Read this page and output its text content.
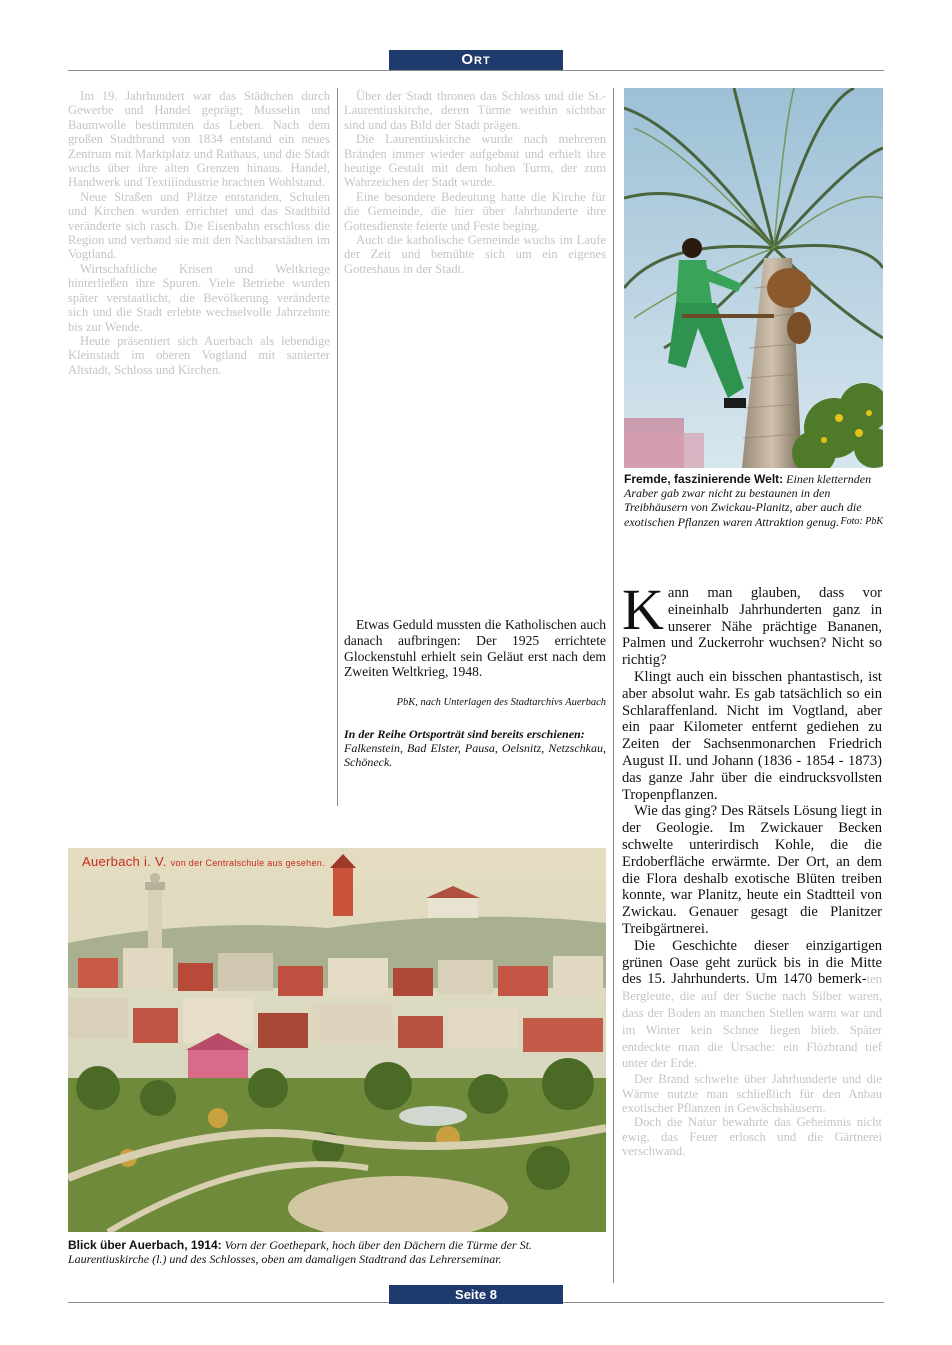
Ort

Im 19. Jahrhundert war das Städtchen durch Gewerbe und Handel geprägt; Musselin und Baumwolle bestimmten das Leben. Nach dem großen Stadtbrand von 1834 entstand ein neues Zentrum mit Marktplatz und Rathaus, und die Stadt wuchs über ihre alten Grenzen hinaus. Handel, Handwerk und Textilindustrie brachten Wohlstand.

Neue Straßen und Plätze entstanden, Schulen und Kirchen wurden errichtet und das Stadtbild veränderte sich rasch. Die Eisenbahn erschloss die Region und verband sie mit den Nachbarstädten im Vogtland.

Wirtschaftliche Krisen und Weltkriege hinterließen ihre Spuren. Viele Betriebe wurden später verstaatlicht, die Bevölkerung veränderte sich und die Stadt erlebte wechselvolle Jahrzehnte bis zur Wende.

Heute präsentiert sich Auerbach als lebendige Kleinstadt im oberen Vogtland mit sanierter Altstadt, Schloss und Kirchen.

Über der Stadt thronen das Schloss und die St.-Laurentiuskirche, deren Türme weithin sichtbar sind und das Bild der Stadt prägen.

Die Laurentiuskirche wurde nach mehreren Bränden immer wieder aufgebaut und erhielt ihre heutige Gestalt mit dem hohen Turm, der zum Wahrzeichen der Stadt wurde.

Eine besondere Bedeutung hatte die Kirche für die Gemeinde, die hier über Jahrhunderte ihre Gottesdienste feierte und Feste beging.

Auch die katholische Gemeinde wuchs im Laufe der Zeit und bemühte sich um ein eigenes Gotteshaus in der Stadt.

Etwas Geduld mussten die Katholischen auch danach aufbringen: Der 1925 errichtete Glockenstuhl erhielt sein Geläut erst nach dem Zweiten Weltkrieg, 1948.

PbK, nach Unterlagen des Stadtarchivs Auerbach

In der Reihe Ortsporträt sind bereits erschienen:
Falkenstein, Bad Elster, Pausa, Oelsnitz, Netzschkau, Schöneck.

Fremde, faszinierende Welt: Einen kletternden Araber gab zwar nicht zu bestaunen in den Treibhäusern von Zwickau-Planitz, aber auch die exotischen Pflanzen waren Attraktion genug. Foto: PbK

Kann man glauben, dass vor eineinhalb Jahrhunderten ganz in unserer Nähe prächtige Bananen, Palmen und Zuckerrohr wuchsen? Nicht so richtig?

Klingt auch ein bisschen phantastisch, ist aber absolut wahr. Es gab tatsächlich so ein Schlaraffenland. Nicht im Vogtland, aber ein paar Kilometer entfernt gediehen zu Zeiten der Sachsenmonarchen Friedrich August II. und Johann (1836 - 1854 - 1873) das ganze Jahr über die eindrucksvollsten Tropenpflanzen.

Wie das ging? Des Rätsels Lösung liegt in der Geologie. Im Zwickauer Becken schwelte unterirdisch Kohle, die die Erdoberfläche erwärmte. Der Ort, an dem die Flora deshalb exotische Blüten treiben konnte, war Planitz, heute ein Stadtteil von Zwickau. Genauer gesagt die Planitzer Treibgärtnerei.

Die Geschichte dieser einzigartigen grünen Oase geht zurück bis in die Mitte des 15. Jahrhunderts. Um 1470 bemerk-ten Bergleute, die auf der Suche nach Silber waren, dass der Boden an manchen Stellen warm war und im Winter kein Schnee liegen blieb. Später entdeckte man die Ursache: ein Flözbrand tief unter der Erde.

Der Brand schwelte über Jahrhunderte und die Wärme nutzte man schließlich für den Anbau exotischer Pflanzen in Gewächshäusern.

Doch die Natur bewahrte das Geheimnis nicht ewig, das Feuer erlosch und die Gärtnerei verschwand.

Auerbach i. V. von der Centralschule aus gesehen.
Blick über Auerbach, 1914: Vorn der Goethepark, hoch über den Dächern die Türme der St. Laurentiuskirche (l.) und des Schlosses, oben am damaligen Stadtrand das Lehrerseminar.
Seite 8
